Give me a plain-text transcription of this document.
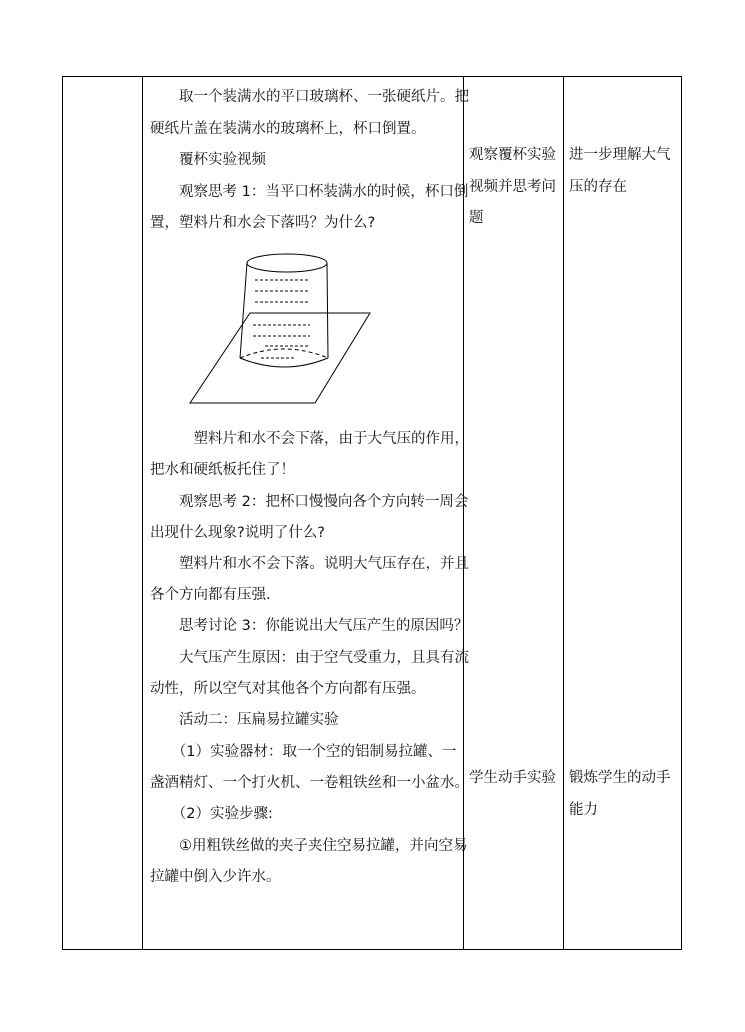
　　取一个装满水的平口玻璃杯、一张硬纸片。把
硬纸片盖在装满水的玻璃杯上，杯口倒置。
　　覆杯实验视频
　　观察思考 1：当平口杯装满水的时候，杯口倒
置，塑料片和水会下落吗？为什么?
　　　塑料片和水不会下落，由于大气压的作用，
把水和硬纸板托住了！
　　观察思考 2：把杯口慢慢向各个方向转一周会
出现什么现象?说明了什么?
　　塑料片和水不会下落。说明大气压存在，并且
各个方向都有压强.
　　思考讨论 3：你能说出大气压产生的原因吗？
　　大气压产生原因：由于空气受重力，且具有流
动性，所以空气对其他各个方向都有压强。
　　活动二：压扁易拉罐实验
　　（1）实验器材：取一个空的铝制易拉罐、一
盏酒精灯、一个打火机、一卷粗铁丝和一小盆水。
　　（2）实验步骤:
　　①用粗铁丝做的夹子夹住空易拉罐，并向空易
拉罐中倒入少许水。
观察覆杯实验
视频并思考问
题
学生动手实验
进一步理解大气
压的存在
锻炼学生的动手
能力
